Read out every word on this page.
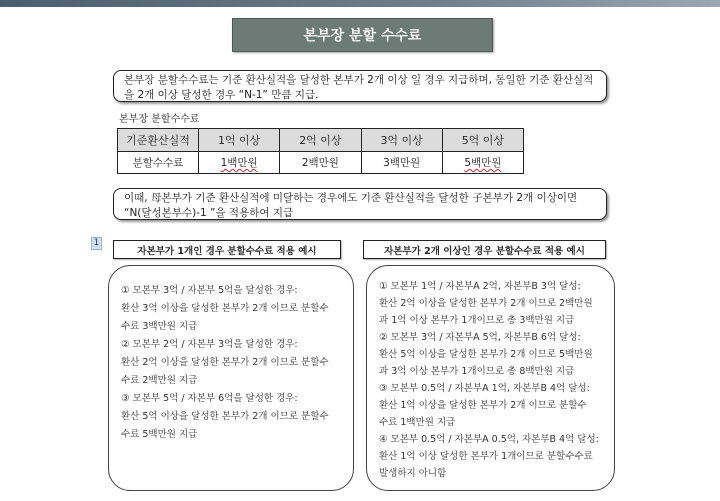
본부장 분할 수수료
본부장 분할수수료는 기준 환산실적을 달성한 본부가 2개 이상 일 경우 지급하며, 동일한 기준 환산실적을 2개 이상 달성한 경우 “N-1” 만큼 지급.
본부장 분할수수료
기준환산실적	1억 이상	2억 이상	3억 이상	5억 이상
분할수수료	1백만원	2백만원	3백만원	5백만원
이때, 母본부가 기준 환산실적에 미달하는 경우에도 기준 환산실적을 달성한 子본부가 2개 이상이면 “N(달성본부수)-1 ”을 적용하여 지급
1
자본부가 1개인 경우 분할수수료 적용 예시	자본부가 2개 이상인 경우 분할수수료 적용 예시

① 모본부 3억 / 자본부 5억을 달성한 경우:

환산 3억 이상을 달성한 본부가 2개 이므로 분할수

수료 3백만원 지급

② 모본부 2억 / 자본부 3억을 달성한 경우:

환산 2억 이상을 달성한 본부가 2개 이므로 분할수

수료 2백만원 지급

③ 모본부 5억 / 자본부 6억을 달성한 경우:

환산 5억 이상을 달성한 본부가 2개 이므로 분할수

수료 5백만원 지급

① 모본부 1억 / 자본부A 2억, 자본부B 3억 달성:

환산 2억 이상을 달성한 본부가 2개 이므로 2백만원

과 1억 이상 본부가 1개이므로 총 3백만원 지급

② 모본부 3억 / 자본부A 5억, 자본부B 6억 달성:

환산 5억 이상을 달성한 본부가 2개 이므로 5백만원

과 3억 이상 본부가 1개이므로 총 8백만원 지급

③ 모본부 0.5억 / 자본부A 1억, 자본부B 4억 달성:

환산 1억 이상을 달성한 본부가 2개 이므로 분할수

수료 1백만원 지급

④ 모본부 0.5억 / 자본부A 0.5억, 자본부B 4억 달성:

환산 1억 이상 달성한 본부가 1개이므로 분할수수료

발생하지 아니함
